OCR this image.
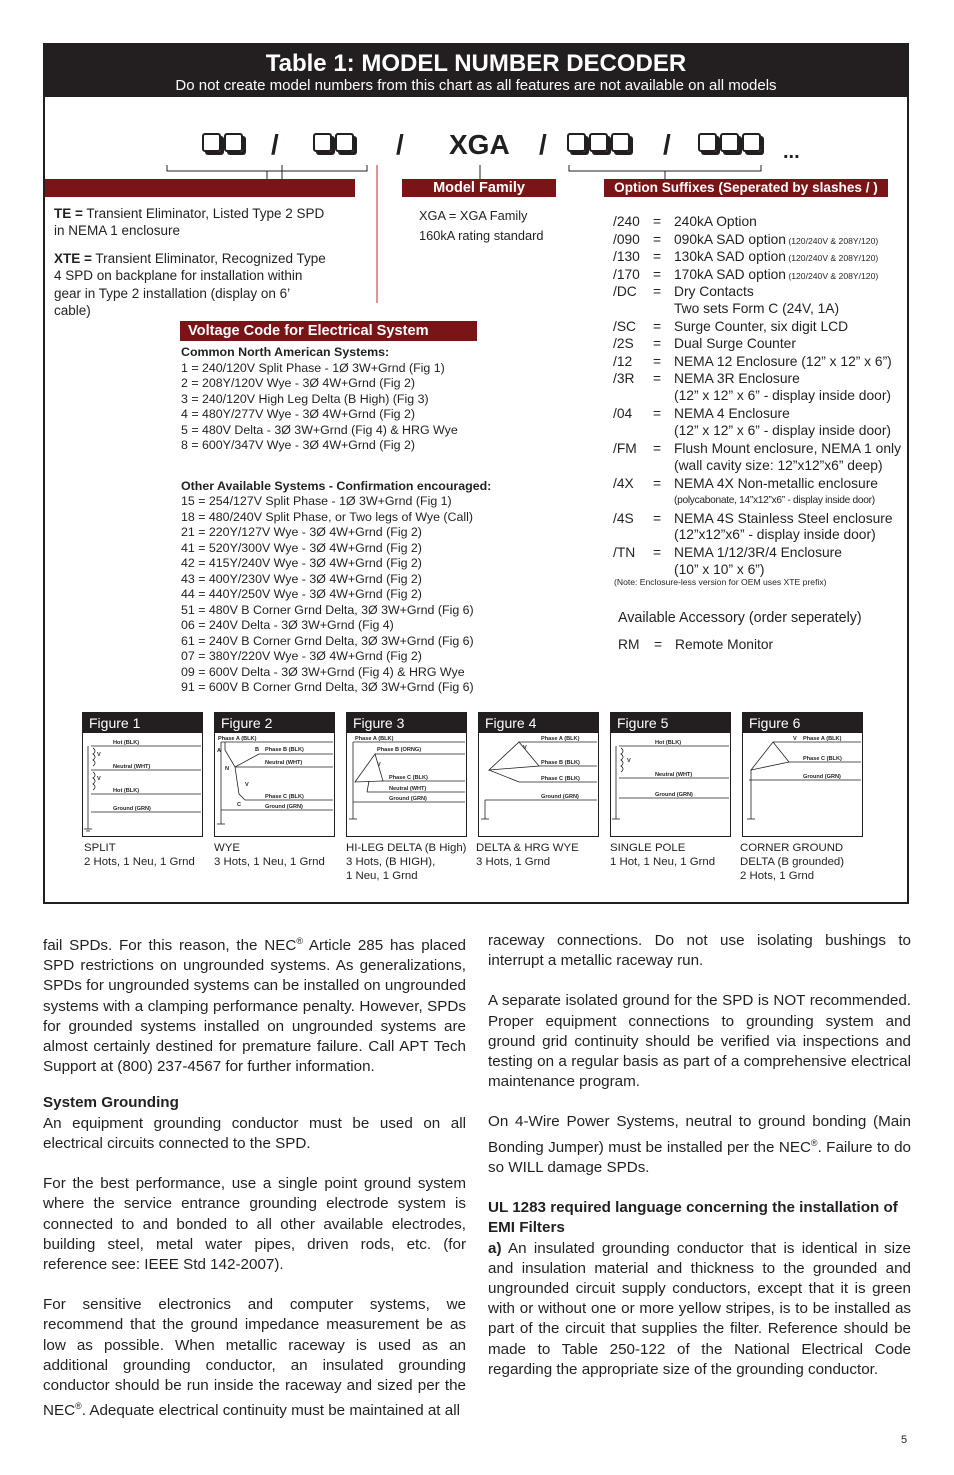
Table 1: MODEL NUMBER DECODER
Do not create model numbers from this chart as all features are not available on all models
/	/ XGA /	/	...
TE = Transient Eliminator, Listed Type 2 SPD in NEMA 1 enclosure
XTE = Transient Eliminator, Recognized Type 4 SPD on backplane for installation within gear in Type 2 installation (display on 6’ cable)
Model Family
XGA = XGA Family
160kA rating standard
Option Suffixes (Seperated by slashes / )
/240 = 240kA Option
/090 = 090kA SAD option (120/240V & 208Y/120)
/130 = 130kA SAD option (120/240V & 208Y/120)
/170 = 170kA SAD option (120/240V & 208Y/120)
/DC	= Dry Contacts
Two sets Form C (24V, 1A)
/SC	= Surge Counter, six digit LCD
/2S	= Dual Surge Counter
/12	= NEMA 12 Enclosure (12” x 12” x 6”)
/3R	= NEMA 3R Enclosure
(12” x 12” x 6” - display inside door)
/04	= NEMA 4 Enclosure
(12” x 12” x 6” - display inside door)
/FM	= Flush Mount enclosure, NEMA 1 only
(wall cavity size: 12”x12”x6” deep)
/4X	= NEMA 4X Non-metallic enclosure
(polycabonate, 14”x12”x6” - display inside door)
/4S	= NEMA 4S Stainless Steel enclosure
(12”x12”x6” - display inside door)
/TN	= NEMA 1/12/3R/4 Enclosure
(10” x 10” x 6”)
(Note: Enclosure-less version for OEM uses XTE prefix)
Available Accessory (order seperately)
RM = Remote Monitor
Voltage Code for Electrical System
Common North American Systems:
1 = 240/120V Split Phase - 1Ø 3W+Grnd (Fig 1)
2 = 208Y/120V Wye - 3Ø 4W+Grnd (Fig 2)
3 = 240/120V High Leg Delta (B High) (Fig 3)
4 = 480Y/277V Wye - 3Ø 4W+Grnd (Fig 2)
5 = 480V Delta - 3Ø 3W+Grnd (Fig 4) & HRG Wye
8 = 600Y/347V Wye - 3Ø 4W+Grnd (Fig 2)
Other Available Systems - Confirmation encouraged:
15 = 254/127V Split Phase - 1Ø 3W+Grnd (Fig 1)
18 = 480/240V Split Phase, or Two legs of Wye (Call)
21 = 220Y/127V Wye - 3Ø 4W+Grnd (Fig 2)
41 = 520Y/300V Wye - 3Ø 4W+Grnd (Fig 2)
42 = 415Y/240V Wye - 3Ø 4W+Grnd (Fig 2)
43 = 400Y/230V Wye - 3Ø 4W+Grnd (Fig 2)
44 = 440Y/250V Wye - 3Ø 4W+Grnd (Fig 2)
51 = 480V B Corner Grnd Delta, 3Ø 3W+Grnd (Fig 6)
06 = 240V Delta - 3Ø 3W+Grnd (Fig 4)
61 = 240V B Corner Grnd Delta, 3Ø 3W+Grnd (Fig 6)
07 = 380Y/220V Wye - 3Ø 4W+Grnd (Fig 2)
09 = 600V Delta - 3Ø 3W+Grnd (Fig 4) & HRG Wye
91 = 600V B Corner Grnd Delta, 3Ø 3W+Grnd (Fig 6)
Figure 1
V
V
Hot (BLK)
Neutral (WHT)
Hot (BLK)
Ground (GRN)
Figure 2
Phase A (BLK)
Phase B (BLK)
Neutral (WHT)
Phase C (BLK)
Ground (GRN)
A	B
N
C
V
Figure 3
Phase A (BLK)
Phase B (ORNG)
Phase C (BLK)
Neutral (WHT)
Ground (GRN)
V
Figure 4
Phase A (BLK)
Phase B (BLK)
Phase C (BLK)
Ground (GRN)
V
Figure 5
V
Hot (BLK)
Neutral (WHT)
Ground (GRN)
Figure 6
Phase A (BLK)
Phase C (BLK)
Ground (GRN)
V
SPLIT
2 Hots, 1 Neu, 1 Grnd
WYE
3 Hots, 1 Neu, 1 Grnd
HI-LEG DELTA (B High)
3 Hots, (B HIGH),
1 Neu, 1 Grnd
DELTA & HRG WYE
3 Hots, 1 Grnd
SINGLE POLE
1 Hot, 1 Neu, 1 Grnd
CORNER GROUND
DELTA (B grounded)
2 Hots, 1 Grnd

fail SPDs. For this reason, the NEC® Article 285 has placed SPD restrictions on ungrounded systems. As generalizations, SPDs for ungrounded systems can be installed on ungrounded systems with a clamping performance penalty. However, SPDs for grounded systems installed on ungrounded systems are almost certainly destined for premature failure. Call APT Tech Support at (800) 237-4567 for further information.

System Grounding

An equipment grounding conductor must be used on all electrical circuits connected to the SPD.

For the best performance, use a single point ground system where the service entrance grounding electrode system is connected to and bonded to all other available electrodes, building steel, metal water pipes, driven rods, etc. (for reference see: IEEE Std 142-2007).

For sensitive electronics and computer systems, we recommend that the ground impedance measurement be as low as possible. When metallic raceway is used as an additional grounding conductor, an insulated grounding conductor should be run inside the raceway and sized per the NEC®. Adequate electrical continuity must be maintained at all

raceway connections. Do not use isolating bushings to interrupt a metallic raceway run.

A separate isolated ground for the SPD is NOT recommended. Proper equipment connections to grounding system and ground grid continuity should be verified via inspections and testing on a regular basis as part of a comprehensive electrical maintenance program.

On 4-Wire Power Systems, neutral to ground bonding (Main Bonding Jumper) must be installed per the NEC®. Failure to do so WILL damage SPDs.

UL 1283 required language concerning the installation of EMI Filters

a) An insulated grounding conductor that is identical in size and insulation material and thickness to the grounded and ungrounded circuit supply conductors, except that it is green with or without one or more yellow stripes, is to be installed as part of the circuit that supplies the filter. Reference should be made to Table 250-122 of the National Electrical Code regarding the appropriate size of the grounding conductor.

5
